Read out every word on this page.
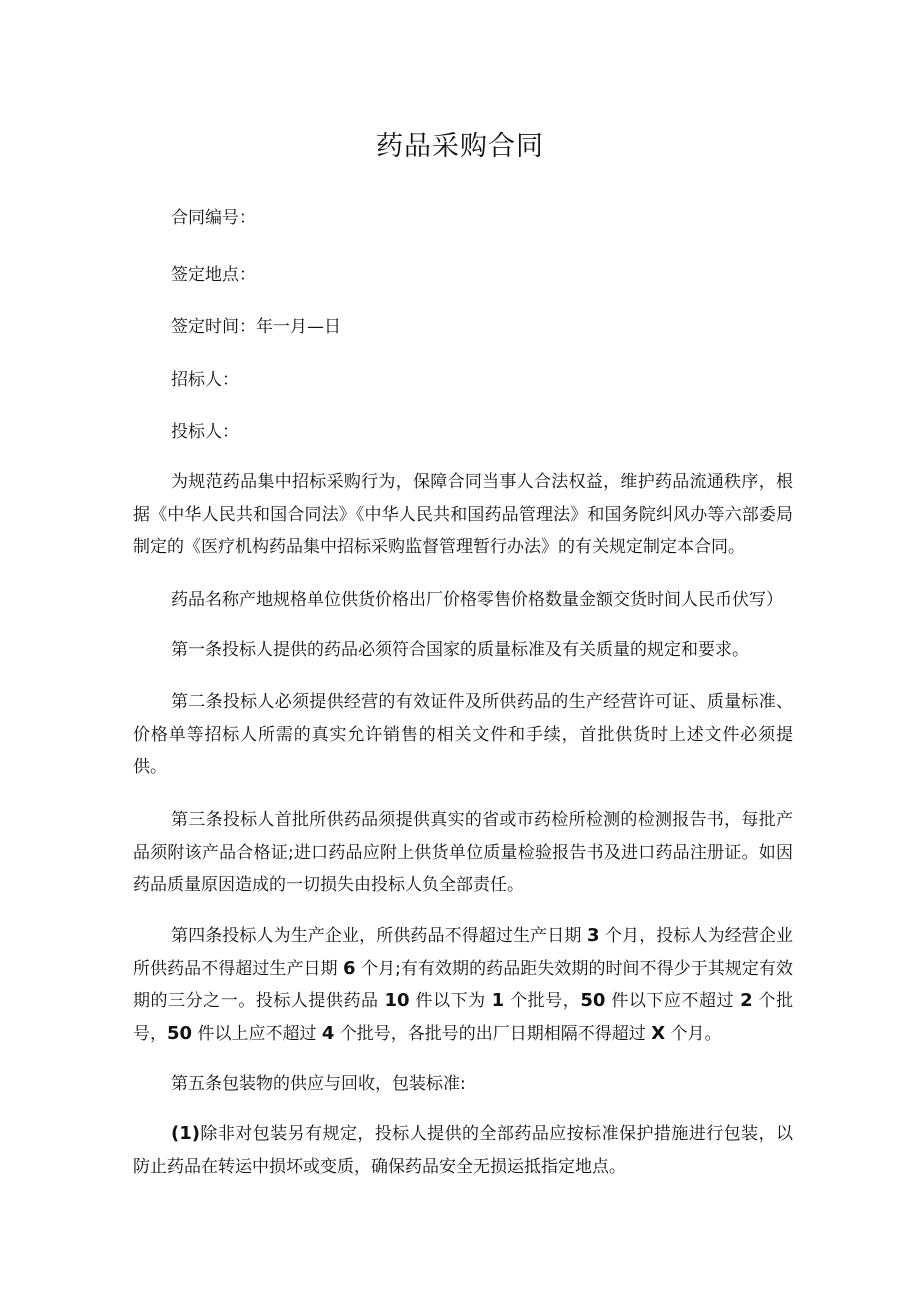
药品采购合同
合同编号：
签定地点：
签定时间：年一月—日
招标人：
投标人：

为规范药品集中招标采购行为，保障合同当事人合法权益，维护药品流通秩序，根据《中华人民共和国合同法》《中华人民共和国药品管理法》和国务院纠风办等六部委局制定的《医疗机构药品集中招标采购监督管理暂行办法》的有关规定制定本合同。

药品名称产地规格单位供货价格出厂价格零售价格数量金额交货时间人民币伏写）

第一条投标人提供的药品必须符合国家的质量标准及有关质量的规定和要求。

第二条投标人必须提供经营的有效证件及所供药品的生产经营许可证、质量标准、价格单等招标人所需的真实允许销售的相关文件和手续，首批供货时上述文件必须提供。

第三条投标人首批所供药品须提供真实的省或市药检所检测的检测报告书，每批产品须附该产品合格证;进口药品应附上供货单位质量检验报告书及进口药品注册证。如因药品质量原因造成的一切损失由投标人负全部责任。

第四条投标人为生产企业，所供药品不得超过生产日期 3 个月，投标人为经营企业所供药品不得超过生产日期 6 个月;有有效期的药品距失效期的时间不得少于其规定有效期的三分之一。投标人提供药品 10 件以下为 1 个批号，50 件以下应不超过 2 个批号，50 件以上应不超过 4 个批号，各批号的出厂日期相隔不得超过 X 个月。

第五条包装物的供应与回收，包装标准:

(1)除非对包装另有规定，投标人提供的全部药品应按标准保护措施进行包装，以防止药品在转运中损坏或变质，确保药品安全无损运抵指定地点。
